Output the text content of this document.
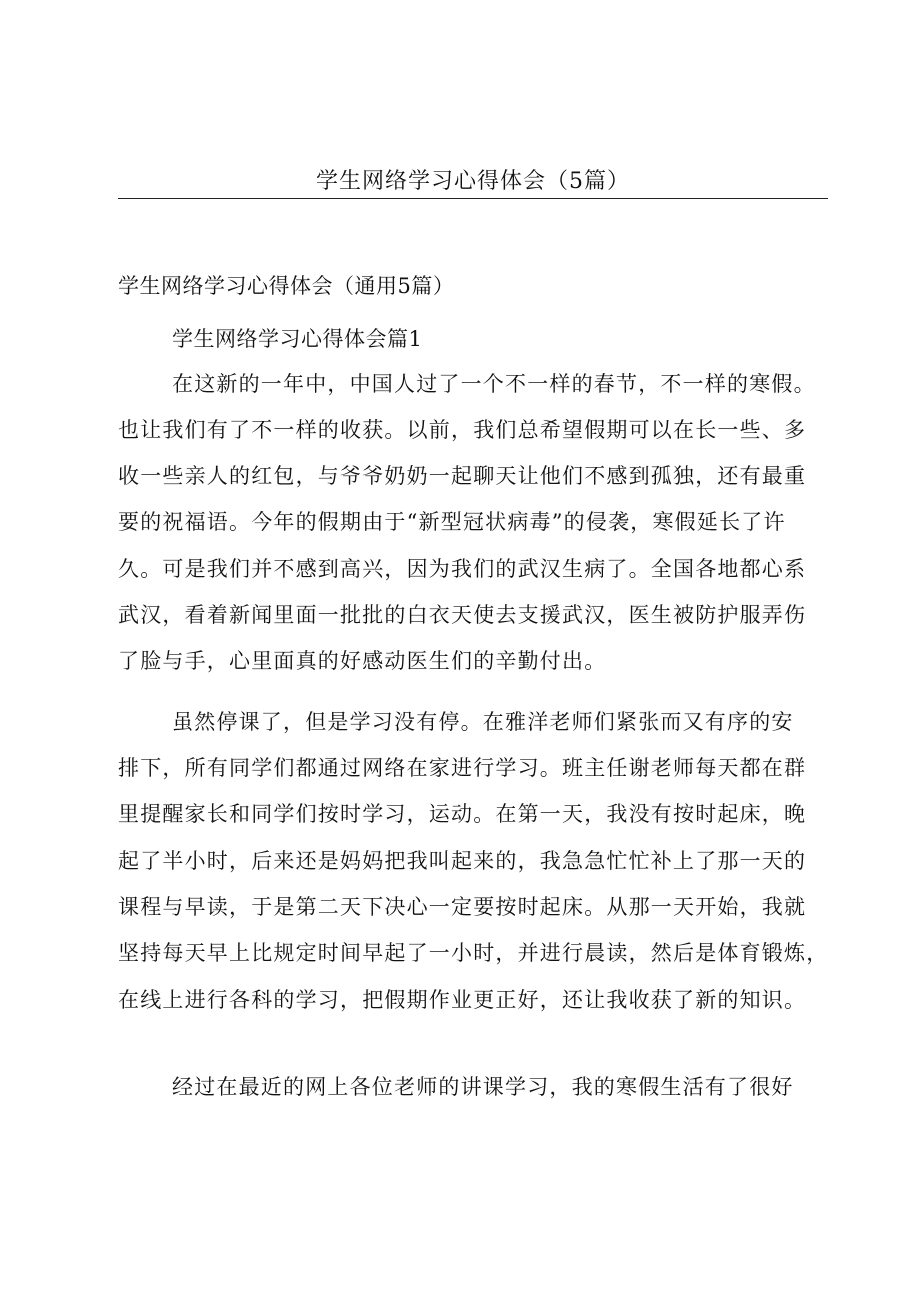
学生网络学习心得体会（5篇）

学生网络学习心得体会（通用5篇）

学生网络学习心得体会篇1

在这新的一年中，中国人过了一个不一样的春节，不一样的寒假。

也让我们有了不一样的收获。以前，我们总希望假期可以在长一些、多

收一些亲人的红包，与爷爷奶奶一起聊天让他们不感到孤独，还有最重

要的祝福语。今年的假期由于“新型冠状病毒”的侵袭，寒假延长了许

久。可是我们并不感到高兴，因为我们的武汉生病了。全国各地都心系

武汉，看着新闻里面一批批的白衣天使去支援武汉，医生被防护服弄伤

了脸与手，心里面真的好感动医生们的辛勤付出。

虽然停课了，但是学习没有停。在雅洋老师们紧张而又有序的安

排下，所有同学们都通过网络在家进行学习。班主任谢老师每天都在群

里提醒家长和同学们按时学习，运动。在第一天，我没有按时起床，晚

起了半小时，后来还是妈妈把我叫起来的，我急急忙忙补上了那一天的

课程与早读，于是第二天下决心一定要按时起床。从那一天开始，我就

坚持每天早上比规定时间早起了一小时，并进行晨读，然后是体育锻炼，

在线上进行各科的学习，把假期作业更正好，还让我收获了新的知识。

经过在最近的网上各位老师的讲课学习，我的寒假生活有了很好
